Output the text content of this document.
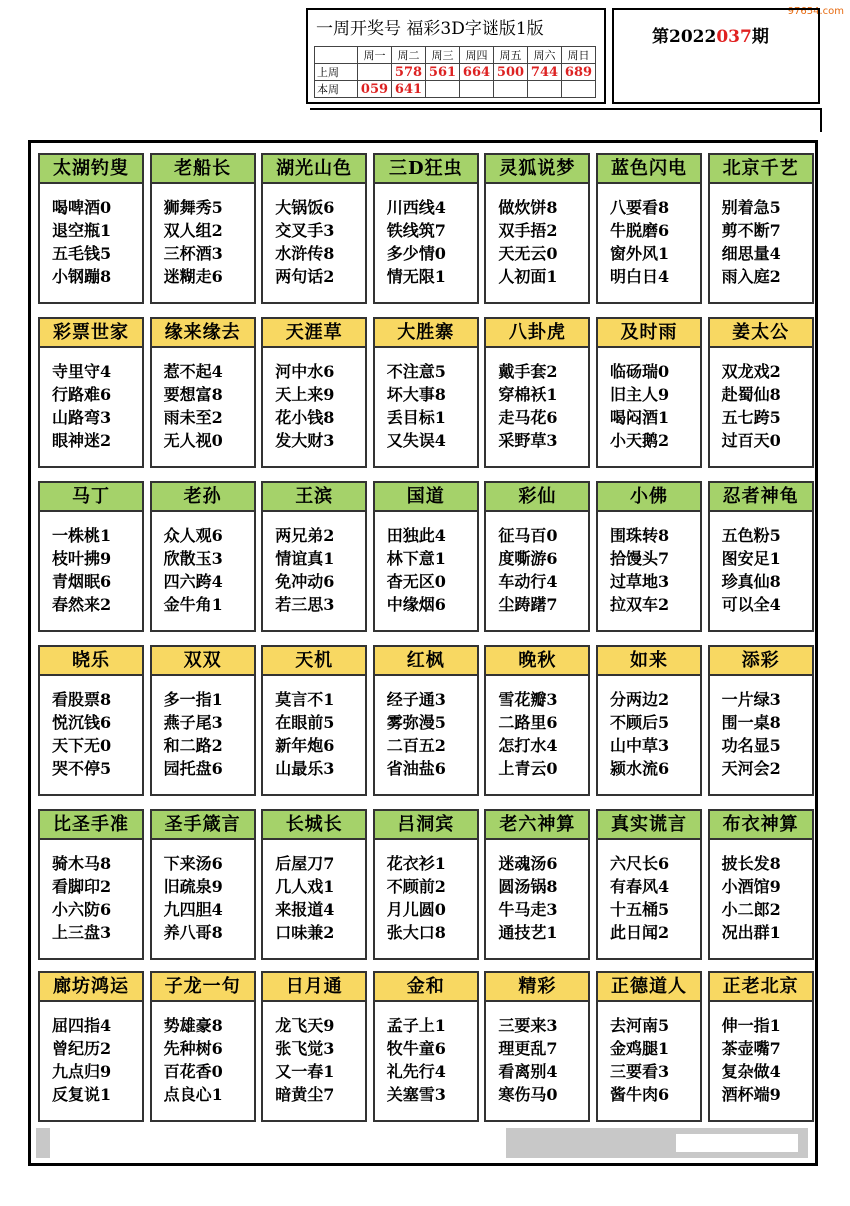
97654.com
一周开奖号 福彩3D字谜版1版
	周一	周二	周三	周四	周五	周六	周日
上周		578	561	664	500	744	689
本周	059	641					
第2022037期
太湖钓叟
喝啤酒0
退空瓶1
五毛钱5
小钢蹦8
老船长
狮舞秀5
双人组2
三杯酒3
迷糊走6
湖光山色
大锅饭6
交叉手3
水浒传8
两句话2
三D狂虫
川西线4
铁线筑7
多少情0
情无限1
灵狐说梦
做炊饼8
双手捂2
天无云0
人初面1
蓝色闪电
八要看8
牛脱磨6
窗外风1
明白日4
北京千艺
别着急5
剪不断7
细思量4
雨入庭2
彩票世家
寺里守4
行路难6
山路弯3
眼神迷2
缘来缘去
惹不起4
要想富8
雨未至2
无人视0
天涯草
河中水6
天上来9
花小钱8
发大财3
大胜寨
不注意5
坏大事8
丢目标1
又失误4
八卦虎
戴手套2
穿棉袄1
走马花6
采野草3
及时雨
临砀瑞0
旧主人9
喝闷酒1
小天鹅2
姜太公
双龙戏2
赴蜀仙8
五七跨5
过百天0
马丁
一株桃1
枝叶拂9
青烟眠6
春然来2
老孙
众人观6
欣散玉3
四六跨4
金牛角1
王滨
两兄弟2
情谊真1
免冲动6
若三思3
国道
田独此4
林下意1
杳无区0
中缘烟6
彩仙
征马百0
度嘶游6
车动行4
尘踌躇7
小佛
围珠转8
拾馒头7
过草地3
拉双车2
忍者神龟
五色粉5
图安足1
珍真仙8
可以全4
晓乐
看股票8
悦沉钱6
天下无0
哭不停5
双双
多一指1
燕子尾3
和二路2
园托盘6
天机
莫言不1
在眼前5
新年炮6
山最乐3
红枫
经子通3
雾弥漫5
二百五2
省油盐6
晚秋
雪花瓣3
二路里6
怎打水4
上青云0
如来
分两边2
不顾后5
山中草3
颍水流6
添彩
一片绿3
围一桌8
功名显5
天河会2
比圣手准
骑木马8
看脚印2
小六防6
上三盘3
圣手箴言
下来汤6
旧疏泉9
九四胆4
养八哥8
长城长
后屋刀7
几人戏1
来报道4
口味兼2
吕洞宾
花衣衫1
不顾前2
月儿圆0
张大口8
老六神算
迷魂汤6
圆汤锅8
牛马走3
通技艺1
真实谎言
六尺长6
有春风4
十五桶5
此日闻2
布衣神算
披长发8
小酒馆9
小二郎2
况出群1
廊坊鸿运
屈四指4
曾纪历2
九点归9
反复说1
子龙一句
势雄豪8
先种树6
百花香0
点良心1
日月通
龙飞天9
张飞觉3
又一春1
暗黄尘7
金和
孟子上1
牧牛童6
礼先行4
关塞雪3
精彩
三要来3
理更乱7
看离别4
寒伤马0
正德道人
去河南5
金鸡腿1
三要看3
酱牛肉6
正老北京
伸一指1
茶壶嘴7
复杂做4
酒杯端9
